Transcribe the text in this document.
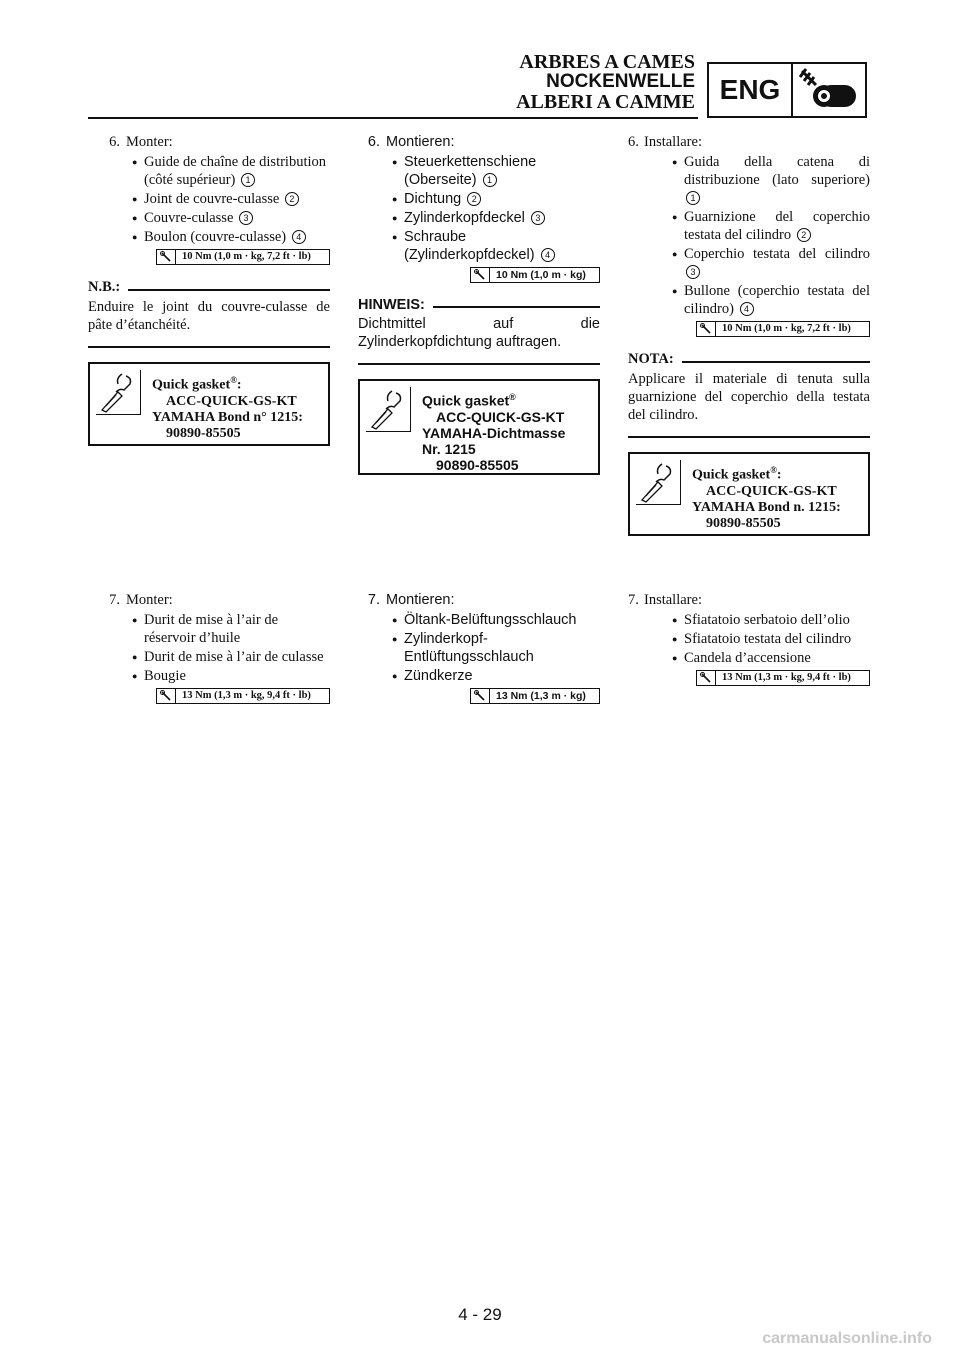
ARBRES A CAMES
NOCKENWELLE
ALBERI A CAMME ENG
6. Monter:
● Guide de chaîne de distribution (côté supérieur) 1
● Joint de couvre-culasse 2
● Couvre-culasse 3
● Boulon (couvre-culasse) 4
10 Nm (1,0 m · kg, 7,2 ft · lb)
N.B.:
Enduire le joint du couvre-culasse de pâte d’étanchéité.
Quick gasket®:
ACC-QUICK-GS-KT
YAMAHA Bond n° 1215:
90890-85505
7. Monter:
● Durit de mise à l’air de réservoir d’huile
● Durit de mise à l’air de culasse
● Bougie
13 Nm (1,3 m · kg, 9,4 ft · lb)
6. Montieren:
● Steuerkettenschiene (Oberseite) 1
● Dichtung 2
● Zylinderkopfdeckel 3
● Schraube (Zylinderkopfdeckel) 4
10 Nm (1,0 m · kg)
HINWEIS:
Dichtmittel auf die Zylinderkopfdichtung auftragen.
Quick gasket®
ACC-QUICK-GS-KT
YAMAHA-Dichtmasse
Nr. 1215
90890-85505
7. Montieren:
● Öltank-Belüftungsschlauch
● Zylinderkopf-Entlüftungsschlauch
● Zündkerze
13 Nm (1,3 m · kg)
6. Installare:
● Guida della catena di distribuzione (lato superiore) 1
● Guarnizione del coperchio testata del cilindro 2
● Coperchio testata del cilindro 3
● Bullone (coperchio testata del cilindro) 4
10 Nm (1,0 m · kg, 7,2 ft · lb)
NOTA:
Applicare il materiale di tenuta sulla guarnizione del coperchio della testata del cilindro.
Quick gasket®:
ACC-QUICK-GS-KT
YAMAHA Bond n. 1215:
90890-85505
7. Installare:
● Sfiatatoio serbatoio dell’olio
● Sfiatatoio testata del cilindro
● Candela d’accensione
13 Nm (1,3 m · kg, 9,4 ft · lb)
4 - 29
carmanualsonline.info
